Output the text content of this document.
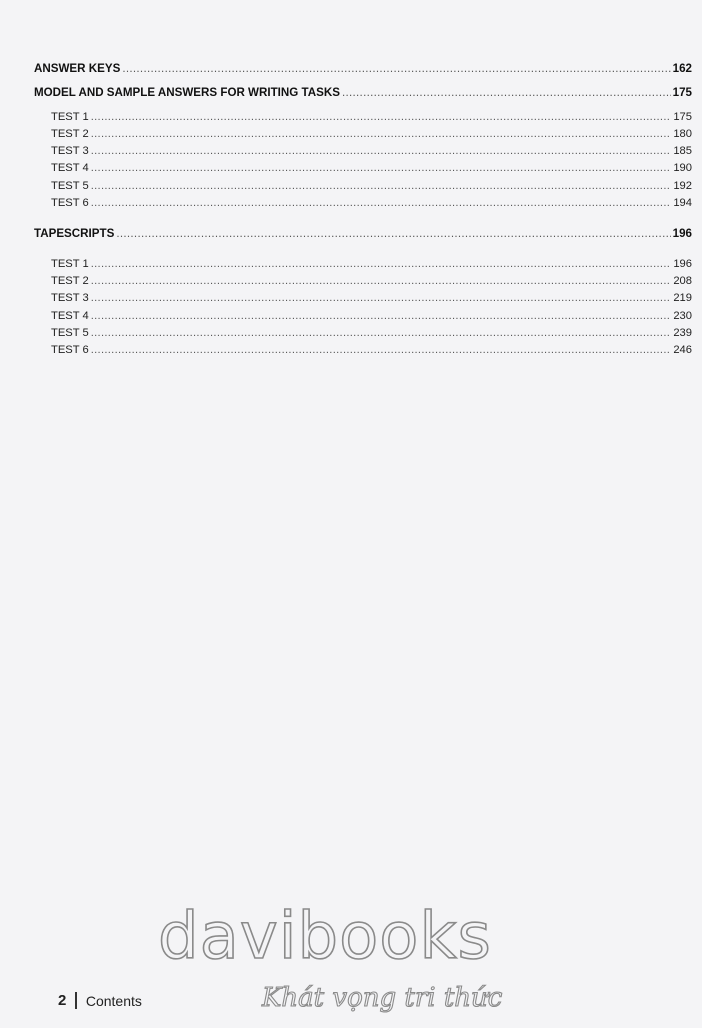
ANSWER KEYS .....	162
MODEL AND SAMPLE ANSWERS FOR WRITING TASKS .....	175
TEST 1 .....	175
TEST 2 .....	180
TEST 3 .....	185
TEST 4 .....	190
TEST 5 .....	192
TEST 6 .....	194
TAPESCRIPTS .....	196
TEST 1 .....	196
TEST 2 .....	208
TEST 3 .....	219
TEST 4 .....	230
TEST 5 .....	239
TEST 6 .....	246
davibooks
Khát vọng tri thức
2 Contents
